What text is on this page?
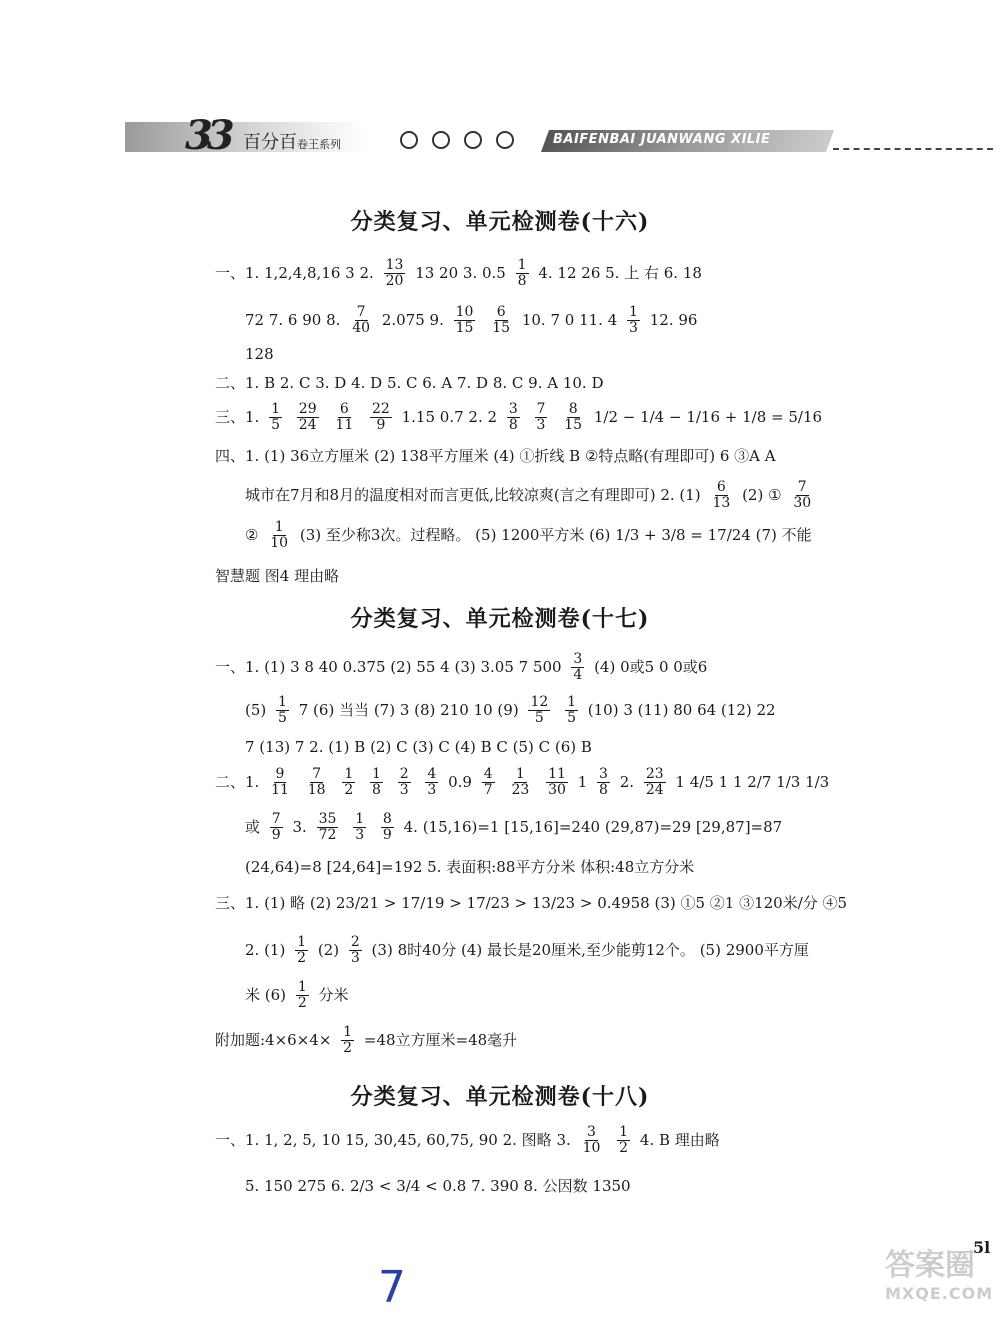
33 百分百卷王系列	BAIFENBAI JUANWANG XILIE
分类复习、单元检测卷(十六)
一、1. 1,2,4,8,16 3 2. $\frac{13}{20} 13$ 20 3. $0.5 \frac{1}{8} 4$. 12 26 5. 上 右 6. 18
72 7. 6 90 8. $\frac{7}{40} 2.075$ 9. $\frac{10}{15}$
$\frac{6}{15} 10$. 7 0 11. $4 \frac{1}{3} 12$. 96
128
二、1. B 2. C 3. D 4. D 5. C 6. A 7. D 8. C 9. A 10. D
三、1. $\frac{1}{5}$
$\frac{29}{24}$
$\frac{6}{11}$
$\frac{22}{9} 1.15$ 0.7 2. $2 \frac{3}{8}$
$\frac{7}{3}$
$\frac{8}{15} 1/2 - 1/4 - 1/16 + 1/8 = 5/16$
四、1. (1) 36立方厘米 (2) 138平方厘米 (4) ①折线 B ②特点略(有理即可) 6 ③A A
城市在7月和8月的温度相对而言更低,比较凉爽(言之有理即可) 2. $(1) \frac{6}{13} (2)$ ① $\frac{7}{30}$
② $\frac{1}{10} (3)$ 至少称3次。过程略。 (5) 1200平方米 (6) 1/3 + 3/8 = 17/24 (7) 不能
智慧题 图4 理由略
分类复习、单元检测卷(十七)
一、1. (1) 3 8 40 0.375 (2) 55 4 (3) 3.05 7 $500 \frac{3}{4} (4)$ 0或5 0 0或6
$(5) \frac{1}{5} 7$ (6) 当当 (7) 3 (8) 210 10 $(9) \frac{12}{5}$
$\frac{1}{5} (10)$ 3 (11) 80 64 (12) 22
7 (13) 7 2. (1) B (2) C (3) C (4) B C (5) C (6) B
二、1. $\frac{9}{11}$
$\frac{7}{18}$
$\frac{1}{2}$
$\frac{1}{8}$
$\frac{2}{3}$
$\frac{4}{3} 0.9 \frac{4}{7}$
$\frac{1}{23}$
$\frac{11}{30} 1 \frac{3}{8} 2$. $\frac{23}{24} 1$ 4/5 1 1 2/7 1/3 1/3
或 $\frac{7}{9} 3$. $\frac{35}{72}$
$\frac{1}{3}$
$\frac{8}{9} 4$. (15,16)=1 [15,16]=240 (29,87)=29 [29,87]=87
(24,64)=8 [24,64]=192 5. 表面积:88平方分米 体积:48立方分米
三、1. (1) 略 (2) 23/21 > 17/19 > 17/23 > 13/23 > 0.4958 (3) ①5 ②1 ③120米/分 ④5
2. $(1) \frac{1}{2} (2) \frac{2}{3} (3)$ 8时40分 (4) 最长是20厘米,至少能剪12个。 (5) 2900平方厘
米 $(6) \frac{1}{2}$ 分米
附加题:4×6×4× $\frac{1}{2} =48$立方厘米=48毫升
分类复习、单元检测卷(十八)
一、1. 1, 2, 5, 10 15, 30,45, 60,75, 90 2. 图略 3. $\frac{3}{10}$
$\frac{1}{2} 4$. B 理由略
5. 150 275 6. 2/3 < 3/4 < 0.8 7. 390 8. 公因数 1350
5l
7	答案圈
MXQE.COM
